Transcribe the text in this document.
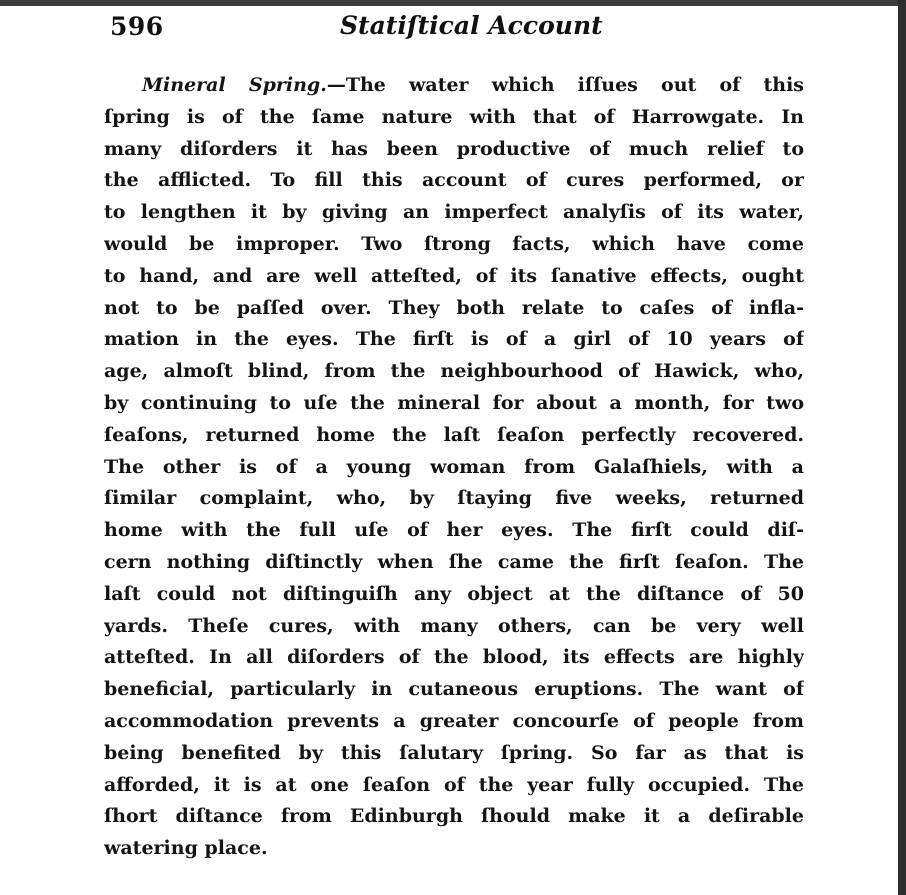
596	Statiſtical Account
Mineral Spring.—The water which iſſues out of this
ſpring is of the ſame nature with that of Harrowgate. In
many diſorders it has been productive of much relief to
the afflicted. To fill this account of cures performed, or
to lengthen it by giving an imperfect analyſis of its water,
would be improper. Two ſtrong facts, which have come
to hand, and are well atteſted, of its ſanative effects, ought
not to be paſſed over. They both relate to caſes of infla-
mation in the eyes. The firſt is of a girl of 10 years of
age, almoſt blind, from the neighbourhood of Hawick, who,
by continuing to uſe the mineral for about a month, for two
ſeaſons, returned home the laſt ſeaſon perfectly recovered.
The other is of a young woman from Galaſhiels, with a
ſimilar complaint, who, by ſtaying five weeks, returned
home with the full uſe of her eyes. The firſt could diſ-
cern nothing diſtinctly when ſhe came the firſt ſeaſon. The
laſt could not diſtinguiſh any object at the diſtance of 50
yards. Theſe cures, with many others, can be very well
atteſted. In all diſorders of the blood, its effects are highly
beneficial, particularly in cutaneous eruptions. The want of
accommodation prevents a greater concourſe of people from
being benefited by this ſalutary ſpring. So far as that is
afforded, it is at one ſeaſon of the year fully occupied. The
ſhort diſtance from Edinburgh ſhould make it a deſirable
watering place.
